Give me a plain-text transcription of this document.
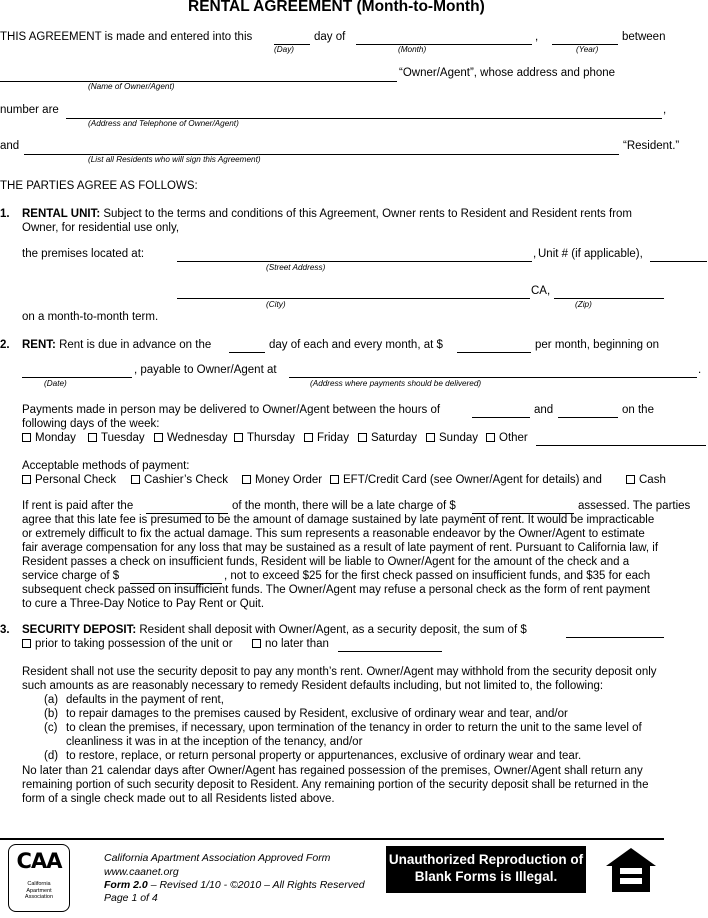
RENTAL AGREEMENT (Month-to-Month)
THIS AGREEMENT is made and entered into this	day of	,	between
(Day)	(Month)	(Year)
“Owner/Agent”, whose address and phone
(Name of Owner/Agent)
number are	,
(Address and Telephone of Owner/Agent)
and	“Resident.”
(List all Residents who will sign this Agreement)
THE PARTIES AGREE AS FOLLOWS:
1. RENTAL UNIT: Subject to the terms and conditions of this Agreement, Owner rents to Resident and Resident rents from
Owner, for residential use only,
the premises located at:	, Unit # (if applicable),
(Street Address)
CA,
(City)	(Zip)
on a month-to-month term.
2. RENT: Rent is due in advance on the	day of each and every month, at $	per month, beginning on
, payable to Owner/Agent at	.
(Date)	(Address where payments should be delivered)
Payments made in person may be delivered to Owner/Agent between the hours of	and	on the
following days of the week:
Monday	Tuesday	Wednesday	Thursday	Friday	Saturday	Sunday	Other
Acceptable methods of payment:
Personal Check	Cashier’s Check	Money Order	EFT/Credit Card (see Owner/Agent for details) and	Cash
If rent is paid after the	of the month, there will be a late charge of $	assessed. The parties
agree that this late fee is presumed to be the amount of damage sustained by late payment of rent. It would be impracticable
or extremely difficult to fix the actual damage. This sum represents a reasonable endeavor by the Owner/Agent to estimate
fair average compensation for any loss that may be sustained as a result of late payment of rent. Pursuant to California law, if
Resident passes a check on insufficient funds, Resident will be liable to Owner/Agent for the amount of the check and a
service charge of $	, not to exceed $25 for the first check passed on insufficient funds, and $35 for each
subsequent check passed on insufficient funds. The Owner/Agent may refuse a personal check as the form of rent payment
to cure a Three-Day Notice to Pay Rent or Quit.
3. SECURITY DEPOSIT: Resident shall deposit with Owner/Agent, as a security deposit, the sum of $
prior to taking possession of the unit or	no later than
Resident shall not use the security deposit to pay any month’s rent. Owner/Agent may withhold from the security deposit only
such amounts as are reasonably necessary to remedy Resident defaults including, but not limited to, the following:
(a) defaults in the payment of rent,
(b) to repair damages to the premises caused by Resident, exclusive of ordinary wear and tear, and/or
(c) to clean the premises, if necessary, upon termination of the tenancy in order to return the unit to the same level of
cleanliness it was in at the inception of the tenancy, and/or
(d) to restore, replace, or return personal property or appurtenances, exclusive of ordinary wear and tear.
No later than 21 calendar days after Owner/Agent has regained possession of the premises, Owner/Agent shall return any
remaining portion of such security deposit to Resident. Any remaining portion of the security deposit shall be returned in the
form of a single check made out to all Residents listed above.
CAA
California Apartment Association
California Apartment Association Approved Form
www.caanet.org
Form 2.0 – Revised 1/10 - ©2010 – All Rights Reserved
Page 1 of 4
Unauthorized Reproduction of Blank Forms is Illegal.
